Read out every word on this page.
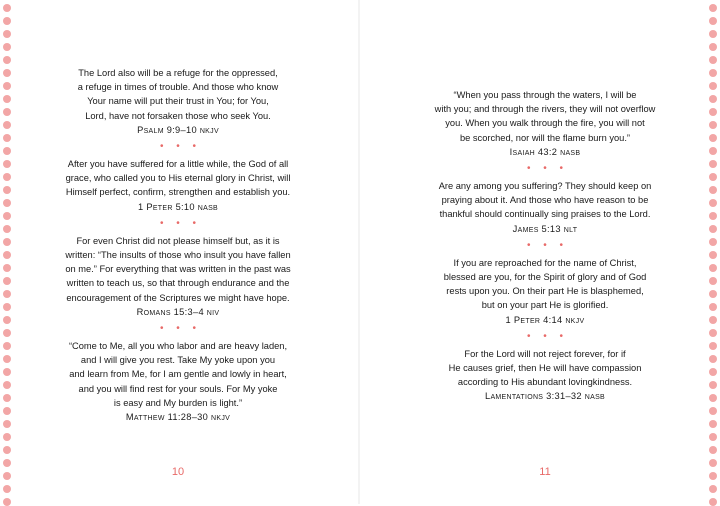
The Lord also will be a refuge for the oppressed,
a refuge in times of trouble. And those who know
Your name will put their trust in You; for You,
Lord, have not forsaken those who seek You.
Psalm 9:9–10 nkjv
• • •
After you have suffered for a little while, the God of all
grace, who called you to His eternal glory in Christ, will
Himself perfect, confirm, strengthen and establish you.
1 Peter 5:10 nasb
• • •
For even Christ did not please himself but, as it is
written: “The insults of those who insult you have fallen
on me.” For everything that was written in the past was
written to teach us, so that through endurance and the
encouragement of the Scriptures we might have hope.
Romans 15:3–4 niv
• • •
“Come to Me, all you who labor and are heavy laden,
and I will give you rest. Take My yoke upon you
and learn from Me, for I am gentle and lowly in heart,
and you will find rest for your souls. For My yoke
is easy and My burden is light.”
Matthew 11:28–30 nkjv
10
“When you pass through the waters, I will be
with you; and through the rivers, they will not overflow
you. When you walk through the fire, you will not
be scorched, nor will the flame burn you.”
Isaiah 43:2 nasb
• • •
Are any among you suffering? They should keep on
praying about it. And those who have reason to be
thankful should continually sing praises to the Lord.
James 5:13 nlt
• • •
If you are reproached for the name of Christ,
blessed are you, for the Spirit of glory and of God
rests upon you. On their part He is blasphemed,
but on your part He is glorified.
1 Peter 4:14 nkjv
• • •
For the Lord will not reject forever, for if
He causes grief, then He will have compassion
according to His abundant lovingkindness.
Lamentations 3:31–32 nasb
11
